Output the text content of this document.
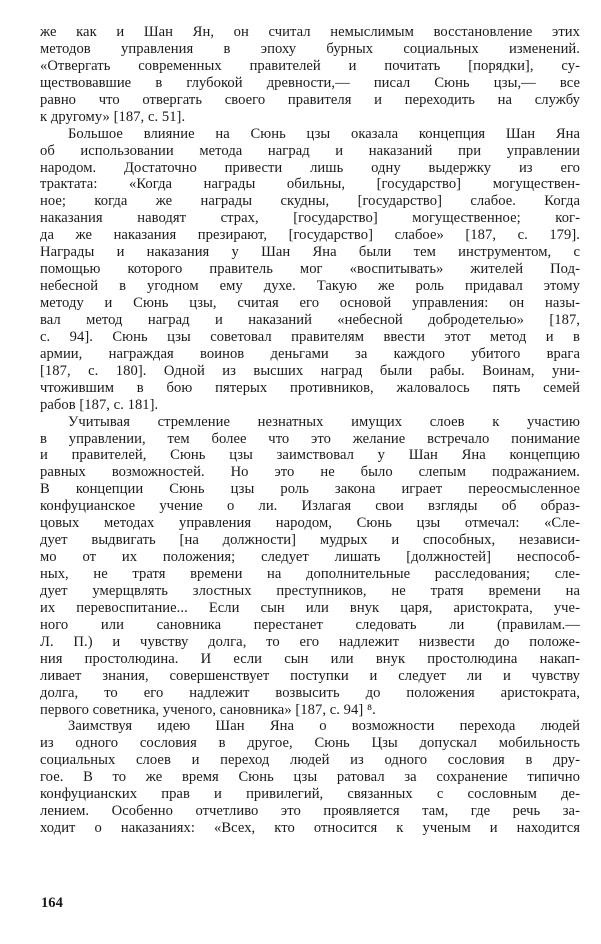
же как и Шан Ян, он считал немыслимым восстановление этих
методов управления в эпоху бурных социальных изменений.
«Отвергать современных правителей и почитать [порядки], су-
ществовавшие в глубокой древности,— писал Сюнь цзы,— все
равно что отвергать своего правителя и переходить на службу
к другому» [187, с. 51].
Большое влияние на Сюнь цзы оказала концепция Шан Яна
об использовании метода наград и наказаний при управлении
народом. Достаточно привести лишь одну выдержку из его
трактата: «Когда награды обильны, [государство] могуществен-
ное; когда же награды скудны, [государство] слабое. Когда
наказания наводят страх, [государство] могущественное; ког-
да же наказания презирают, [государство] слабое» [187, с. 179].
Награды и наказания у Шан Яна были тем инструментом, с
помощью которого правитель мог «воспитывать» жителей Под-
небесной в угодном ему духе. Такую же роль придавал этому
методу и Сюнь цзы, считая его основой управления: он назы-
вал метод наград и наказаний «небесной добродетелью» [187,
с. 94]. Сюнь цзы советовал правителям ввести этот метод и в
армии, награждая воинов деньгами за каждого убитого врага
[187, с. 180]. Одной из высших наград были рабы. Воинам, уни-
чтожившим в бою пятерых противников, жаловалось пять семей
рабов [187, с. 181].
Учитывая стремление незнатных имущих слоев к участию
в управлении, тем более что это желание встречало понимание
и правителей, Сюнь цзы заимствовал у Шан Яна концепцию
равных возможностей. Но это не было слепым подражанием.
В концепции Сюнь цзы роль закона играет переосмысленное
конфуцианское учение о ли. Излагая свои взгляды об образ-
цовых методах управления народом, Сюнь цзы отмечал: «Сле-
дует выдвигать [на должности] мудрых и способных, независи-
мо от их положения; следует лишать [должностей] неспособ-
ных, не тратя времени на дополнительные расследования; сле-
дует умерщвлять злостных преступников, не тратя времени на
их перевоспитание... Если сын или внук царя, аристократа, уче-
ного или сановника перестанет следовать ли (правилам.—
Л. П.) и чувству долга, то его надлежит низвести до положе-
ния простолюдина. И если сын или внук простолюдина накап-
ливает знания, совершенствует поступки и следует ли и чувству
долга, то его надлежит возвысить до положения аристократа,
первого советника, ученого, сановника» [187, с. 94] ⁸.
Заимствуя идею Шан Яна о возможности перехода людей
из одного сословия в другое, Сюнь Цзы допускал мобильность
социальных слоев и переход людей из одного сословия в дру-
гое. В то же время Сюнь цзы ратовал за сохранение типично
конфуцианских прав и привилегий, связанных с сословным де-
лением. Особенно отчетливо это проявляется там, где речь за-
ходит о наказаниях: «Всех, кто относится к ученым и находится
164
